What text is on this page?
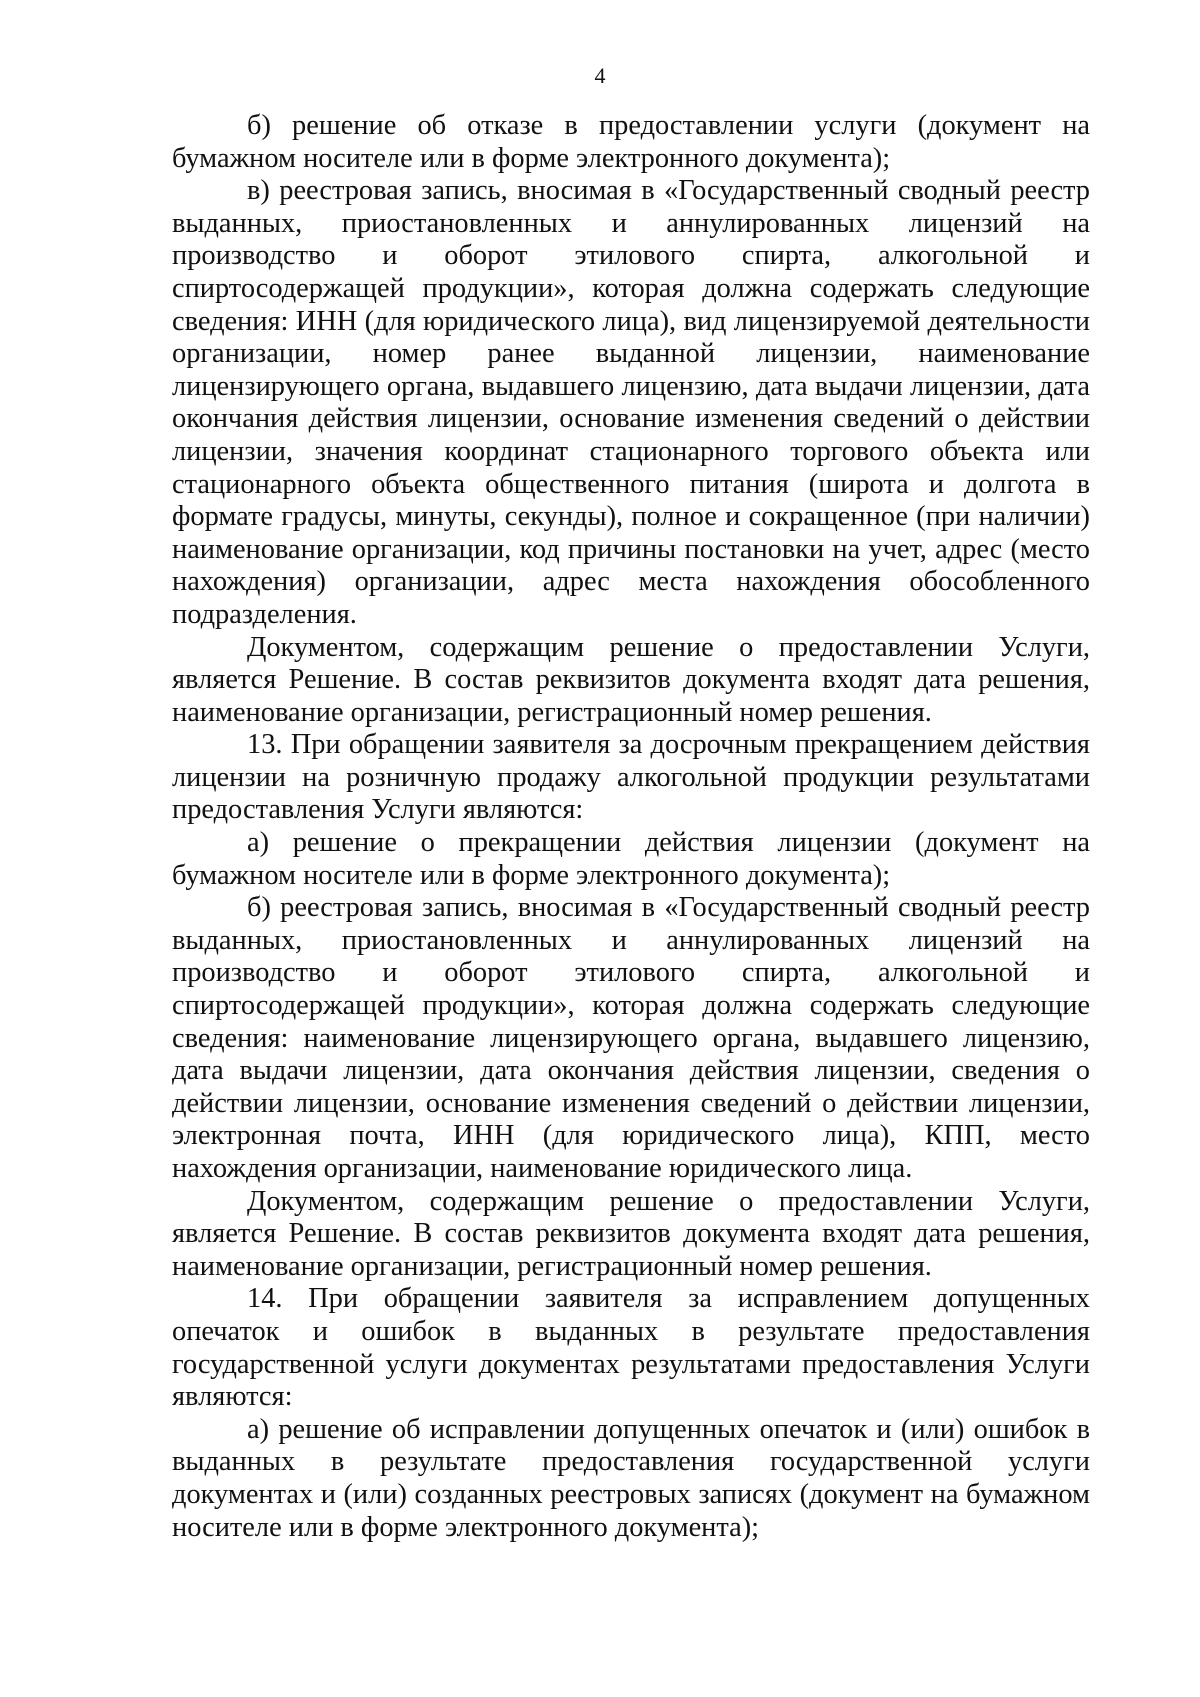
4

б) решение об отказе в предоставлении услуги (документ на бумажном носителе или в форме электронного документа);

в) реестровая запись, вносимая в «Государственный сводный реестр выданных, приостановленных и аннулированных лицензий на производство и оборот этилового спирта, алкогольной и спиртосодержащей продукции», которая должна содержать следующие сведения: ИНН (для юридического лица), вид лицензируемой деятельности организации, номер ранее выданной лицензии, наименование лицензирующего органа, выдавшего лицензию, дата выдачи лицензии, дата окончания действия лицензии, основание изменения сведений о действии лицензии, значения координат стационарного торгового объекта или стационарного объекта общественного питания (широта и долгота в формате градусы, минуты, секунды), полное и сокращенное (при наличии) наименование организации, код причины постановки на учет, адрес (место нахождения) организации, адрес места нахождения обособленного подразделения.

Документом, содержащим решение о предоставлении Услуги, является Решение. В состав реквизитов документа входят дата решения, наименование организации, регистрационный номер решения.

13. При обращении заявителя за досрочным прекращением действия лицензии на розничную продажу алкогольной продукции результатами предоставления Услуги являются:

а) решение о прекращении действия лицензии (документ на бумажном носителе или в форме электронного документа);

б) реестровая запись, вносимая в «Государственный сводный реестр выданных, приостановленных и аннулированных лицензий на производство и оборот этилового спирта, алкогольной и спиртосодержащей продукции», которая должна содержать следующие сведения: наименование лицензирующего органа, выдавшего лицензию, дата выдачи лицензии, дата окончания действия лицензии, сведения о действии лицензии, основание изменения сведений о действии лицензии, электронная почта, ИНН (для юридического лица), КПП, место нахождения организации, наименование юридического лица.

Документом, содержащим решение о предоставлении Услуги, является Решение. В состав реквизитов документа входят дата решения, наименование организации, регистрационный номер решения.

14. При обращении заявителя за исправлением допущенных опечаток и ошибок в выданных в результате предоставления государственной услуги документах результатами предоставления Услуги являются:

а) решение об исправлении допущенных опечаток и (или) ошибок в выданных в результате предоставления государственной услуги документах и (или) созданных реестровых записях (документ на бумажном носителе или в форме электронного документа);
